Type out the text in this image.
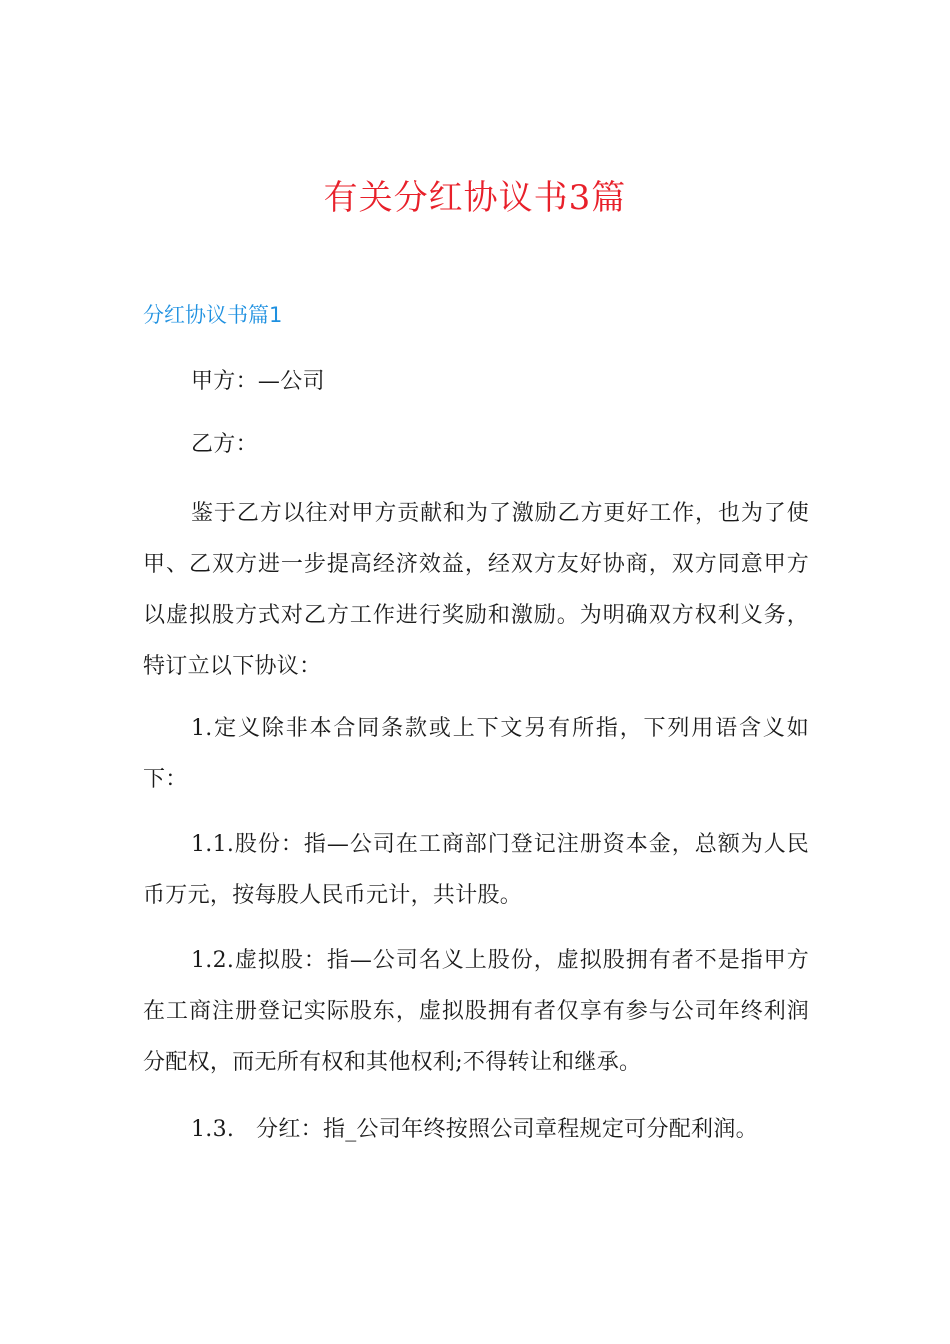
有关分红协议书3篇
分红协议书篇1

甲方：—公司

乙方：

鉴于乙方以往对甲方贡献和为了激励乙方更好工作，也为了使甲、乙双方进一步提高经济效益，经双方友好协商，双方同意甲方以虚拟股方式对乙方工作进行奖励和激励。为明确双方权利义务，特订立以下协议：

1.定义除非本合同条款或上下文另有所指，下列用语含义如下：

1.1.股份：指—公司在工商部门登记注册资本金，总额为人民币万元，按每股人民币元计，共计股。

1.2.虚拟股：指—公司名义上股份，虚拟股拥有者不是指甲方在工商注册登记实际股东，虚拟股拥有者仅享有参与公司年终利润分配权，而无所有权和其他权利;不得转让和继承。

1.3.   分红：指_公司年终按照公司章程规定可分配利润。
